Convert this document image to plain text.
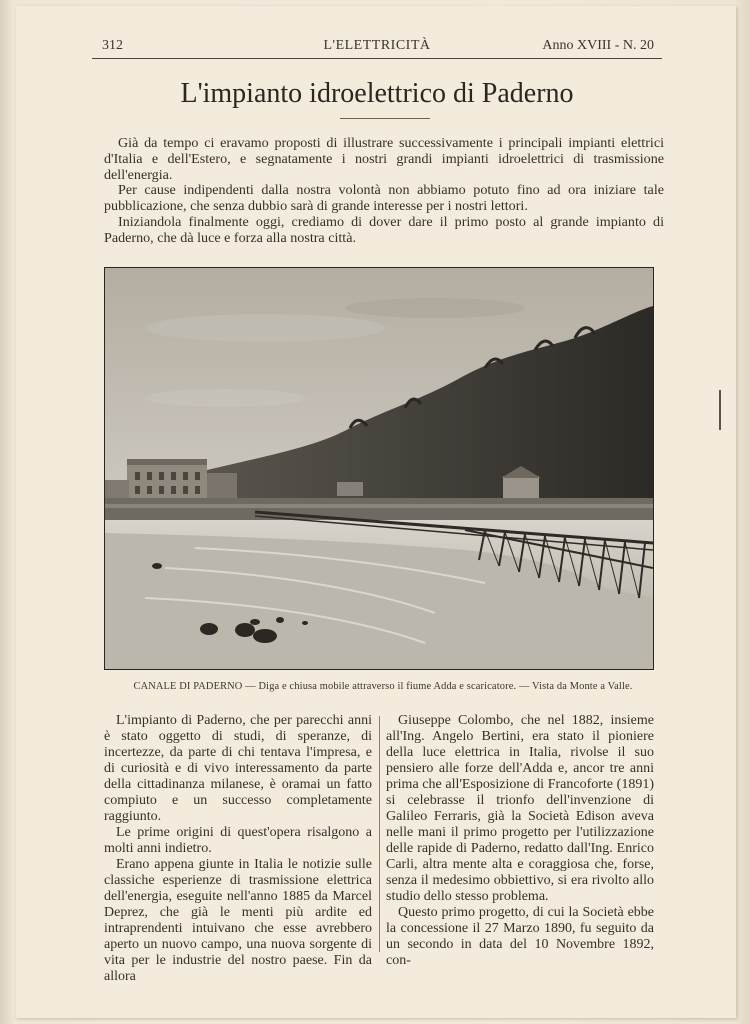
312	L'ELETTRICITÀ	Anno XVIII - N. 20
L'impianto idroelettrico di Paderno

Già da tempo ci eravamo proposti di illustrare successivamente i principali impianti elettrici d'Italia e dell'Estero, e segnatamente i nostri grandi impianti idroelettrici di trasmissione dell'energia.

Per cause indipendenti dalla nostra volontà non abbiamo potuto fino ad ora iniziare tale pubblicazione, che senza dubbio sarà di grande interesse per i nostri lettori.

Iniziandola finalmente oggi, crediamo di dover dare il primo posto al grande impianto di Paderno, che dà luce e forza alla nostra città.

CANALE DI PADERNO — Diga e chiusa mobile attraverso il fiume Adda e scaricatore. — Vista da Monte a Valle.

L'impianto di Paderno, che per parecchi anni è stato oggetto di studi, di speranze, di incertezze, da parte di chi tentava l'impresa, e di curiosità e di vivo interessamento da parte della cittadinanza milanese, è oramai un fatto compiuto e un successo completamente raggiunto.

Le prime origini di quest'opera risalgono a molti anni indietro.

Erano appena giunte in Italia le notizie sulle classiche esperienze di trasmissione elettrica dell'energia, eseguite nell'anno 1885 da Marcel Deprez, che già le menti più ardite ed intraprendenti intuivano che esse avrebbero aperto un nuovo campo, una nuova sorgente di vita per le industrie del nostro paese. Fin da allora

Giuseppe Colombo, che nel 1882, insieme all'Ing. Angelo Bertini, era stato il pioniere della luce elettrica in Italia, rivolse il suo pensiero alle forze dell'Adda e, ancor tre anni prima che all'Esposizione di Francoforte (1891) si celebrasse il trionfo dell'invenzione di Galileo Ferraris, già la Società Edison aveva nelle mani il primo progetto per l'utilizzazione delle rapide di Paderno, redatto dall'Ing. Enrico Carli, altra mente alta e coraggiosa che, forse, senza il medesimo obbiettivo, si era rivolto allo studio dello stesso problema.

Questo primo progetto, di cui la Società ebbe la concessione il 27 Marzo 1890, fu seguito da un secondo in data del 10 Novembre 1892, con-
